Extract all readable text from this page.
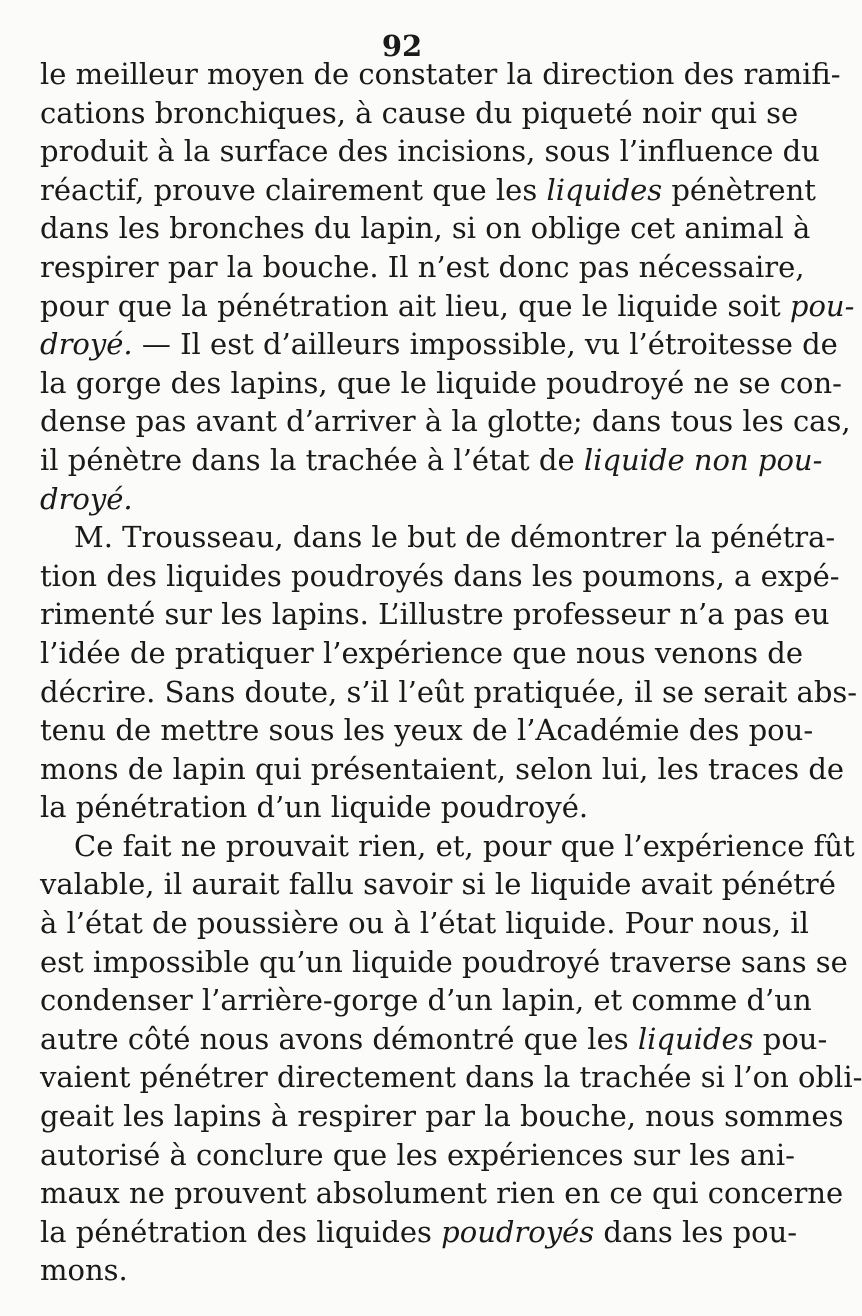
92
le meilleur moyen de constater la direction des ramifi-
cations bronchiques, à cause du piqueté noir qui se
produit à la surface des incisions, sous l’influence du
réactif, prouve clairement que les liquides pénètrent
dans les bronches du lapin, si on oblige cet animal à
respirer par la bouche. Il n’est donc pas nécessaire,
pour que la pénétration ait lieu, que le liquide soit pou-
droyé. — Il est d’ailleurs impossible, vu l’étroitesse de
la gorge des lapins, que le liquide poudroyé ne se con-
dense pas avant d’arriver à la glotte; dans tous les cas,
il pénètre dans la trachée à l’état de liquide non pou-
droyé.
M. Trousseau, dans le but de démontrer la pénétra-
tion des liquides poudroyés dans les poumons, a expé-
rimenté sur les lapins. L’illustre professeur n’a pas eu
l’idée de pratiquer l’expérience que nous venons de
décrire. Sans doute, s’il l’eût pratiquée, il se serait abs-
tenu de mettre sous les yeux de l’Académie des pou-
mons de lapin qui présentaient, selon lui, les traces de
la pénétration d’un liquide poudroyé.
Ce fait ne prouvait rien, et, pour que l’expérience fût
valable, il aurait fallu savoir si le liquide avait pénétré
à l’état de poussière ou à l’état liquide. Pour nous, il
est impossible qu’un liquide poudroyé traverse sans se
condenser l’arrière-gorge d’un lapin, et comme d’un
autre côté nous avons démontré que les liquides pou-
vaient pénétrer directement dans la trachée si l’on obli-
geait les lapins à respirer par la bouche, nous sommes
autorisé à conclure que les expériences sur les ani-
maux ne prouvent absolument rien en ce qui concerne
la pénétration des liquides poudroyés dans les pou-
mons.
